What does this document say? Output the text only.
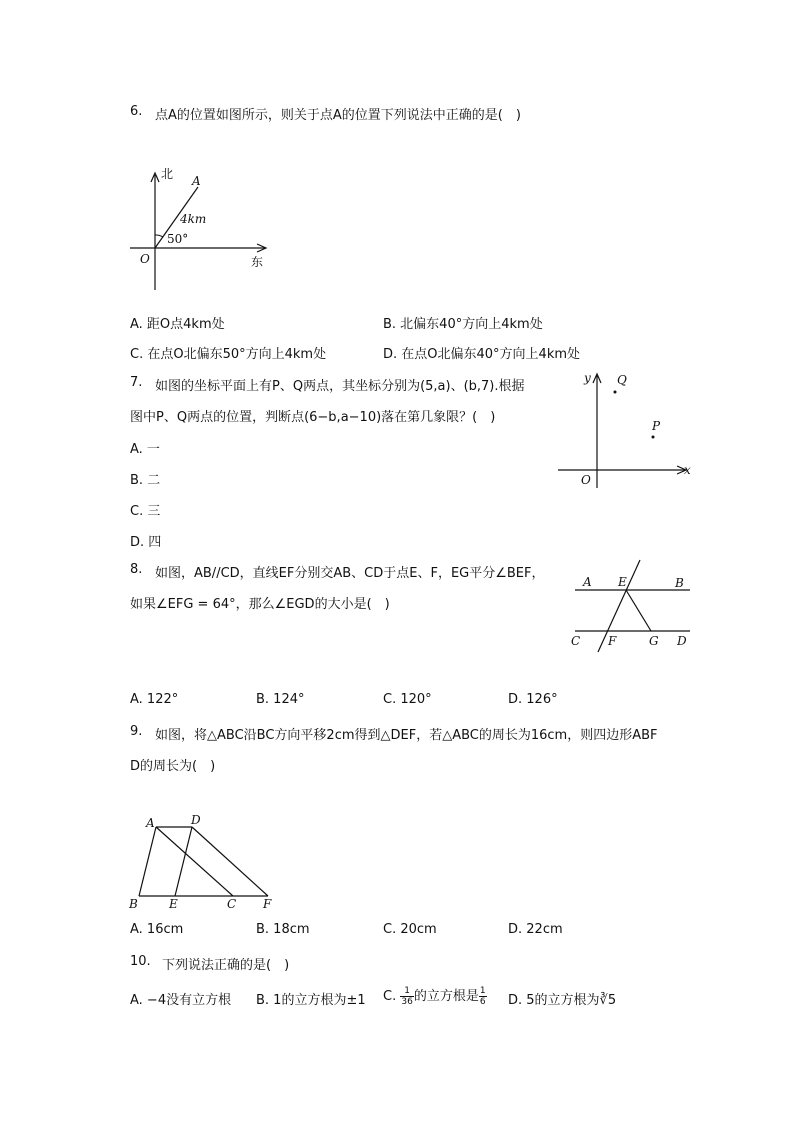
6. 点A的位置如图所示，则关于点A的位置下列说法中正确的是(　)
北
东
O
A
4km
50°
A. 距O点4km处	B. 北偏东40°方向上4km处
C. 在点O北偏东50°方向上4km处	D. 在点O北偏东40°方向上4km处
7. 如图的坐标平面上有P、Q两点，其坐标分别为(5,a)、(b,7).根据
图中P、Q两点的位置，判断点(6−b,a−10)落在第几象限？(　)
y
x
O
Q
P
A. 一
B. 二
C. 三
D. 四
8. 如图，AB//CD，直线EF分别交AB、CD于点E、F，EG平分∠BEF，
如果∠EFG = 64°，那么∠EGD的大小是(　)
A E	B
C F	G D
A. 122°	B. 124°	C. 120°	D. 126°
9. 如图，将△ABC沿BC方向平移2cm得到△DEF，若△ABC的周长为16cm，则四边形ABF
D的周长为(　)
A	D
B	E	C F
A. 16cm	B. 18cm	C. 20cm	D. 22cm
10. 下列说法正确的是(　)
A. −4没有立方根 B. 1的立方根为±1 C. $\frac{1}{36}$ 的立方根是 $\frac{1}{6} D$. 5的立方根为∛5
